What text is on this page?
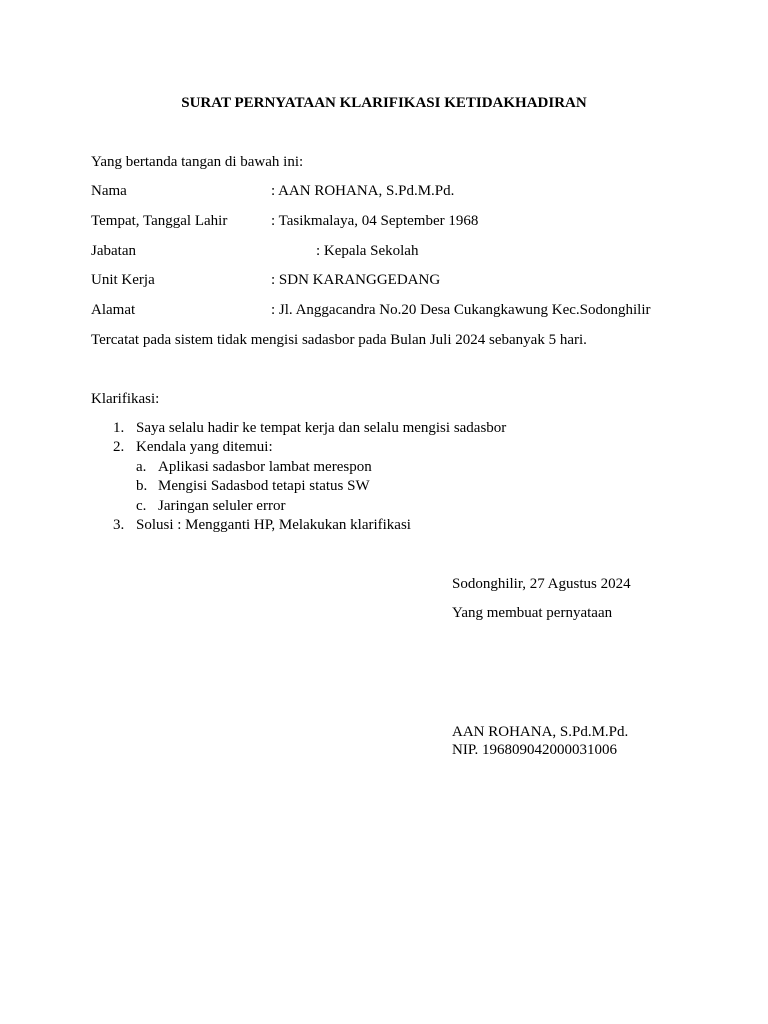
SURAT PERNYATAAN KLARIFIKASI KETIDAKHADIRAN
Yang bertanda tangan di bawah ini:
Nama	: AAN ROHANA, S.Pd.M.Pd.
Tempat, Tanggal Lahir	: Tasikmalaya, 04 September 1968
Jabatan	: Kepala Sekolah
Unit Kerja	: SDN KARANGGEDANG
Alamat	: Jl. Anggacandra No.20 Desa Cukangkawung Kec.Sodonghilir
Tercatat pada sistem tidak mengisi sadasbor pada Bulan Juli 2024 sebanyak 5 hari.
Klarifikasi:
1. Saya selalu hadir ke tempat kerja dan selalu mengisi sadasbor
2. Kendala yang ditemui:
a. Aplikasi sadasbor lambat merespon
b. Mengisi Sadasbod tetapi status SW
c. Jaringan seluler error
3. Solusi : Mengganti HP, Melakukan klarifikasi
Sodonghilir, 27 Agustus 2024
Yang membuat pernyataan
AAN ROHANA, S.Pd.M.Pd.
NIP. 196809042000031006
